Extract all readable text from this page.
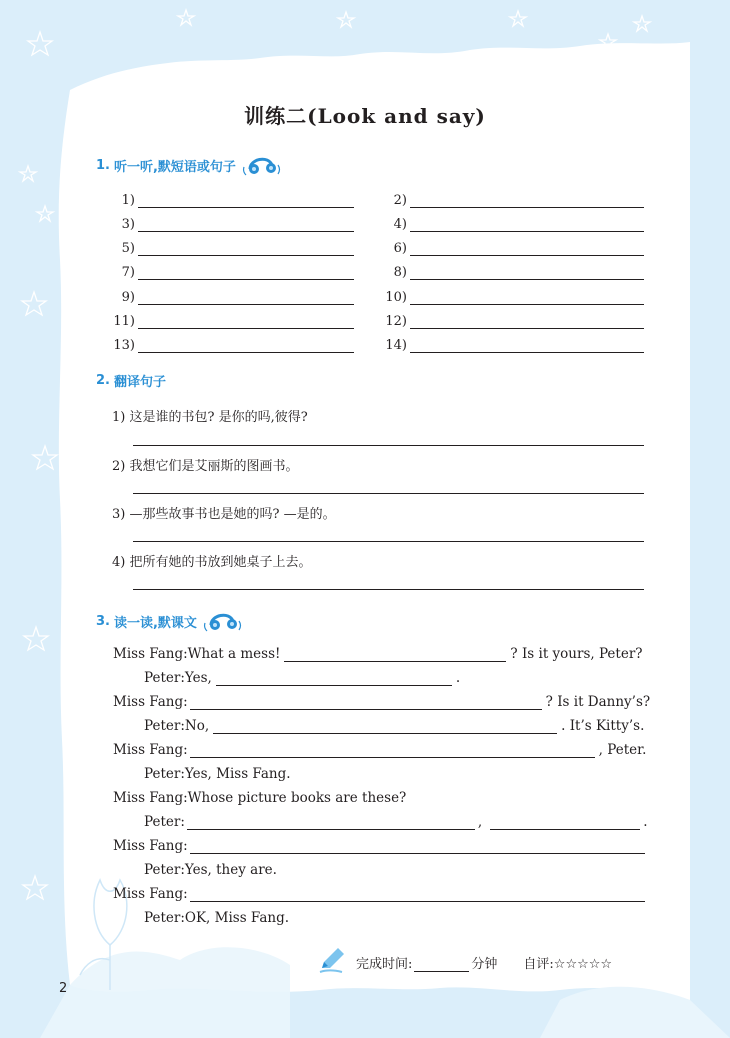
训练二(Look and say)
1. 听一听,默短语或句子
1)	2)
3)	4)
5)	6)
7)	8)
9)	10)
11)	12)
13)	14)
2. 翻译句子
1) 这是谁的书包? 是你的吗,彼得?
2) 我想它们是艾丽斯的图画书。
3) —那些故事书也是她的吗? —是的。
4) 把所有她的书放到她桌子上去。
3. 读一读,默课文
Miss Fang: What a mess!	? Is it yours, Peter?
Peter: Yes,	.
Miss Fang:	? Is it Danny’s?
Peter: No,	. It’s Kitty’s.
Miss Fang:	, Peter.
Peter: Yes, Miss Fang.
Miss Fang: Whose picture books are these?
Peter:	,	.
Miss Fang:
Peter: Yes, they are.
Miss Fang:
Peter: OK, Miss Fang.
完成时间:	分钟 自评: ☆☆☆☆☆
2
